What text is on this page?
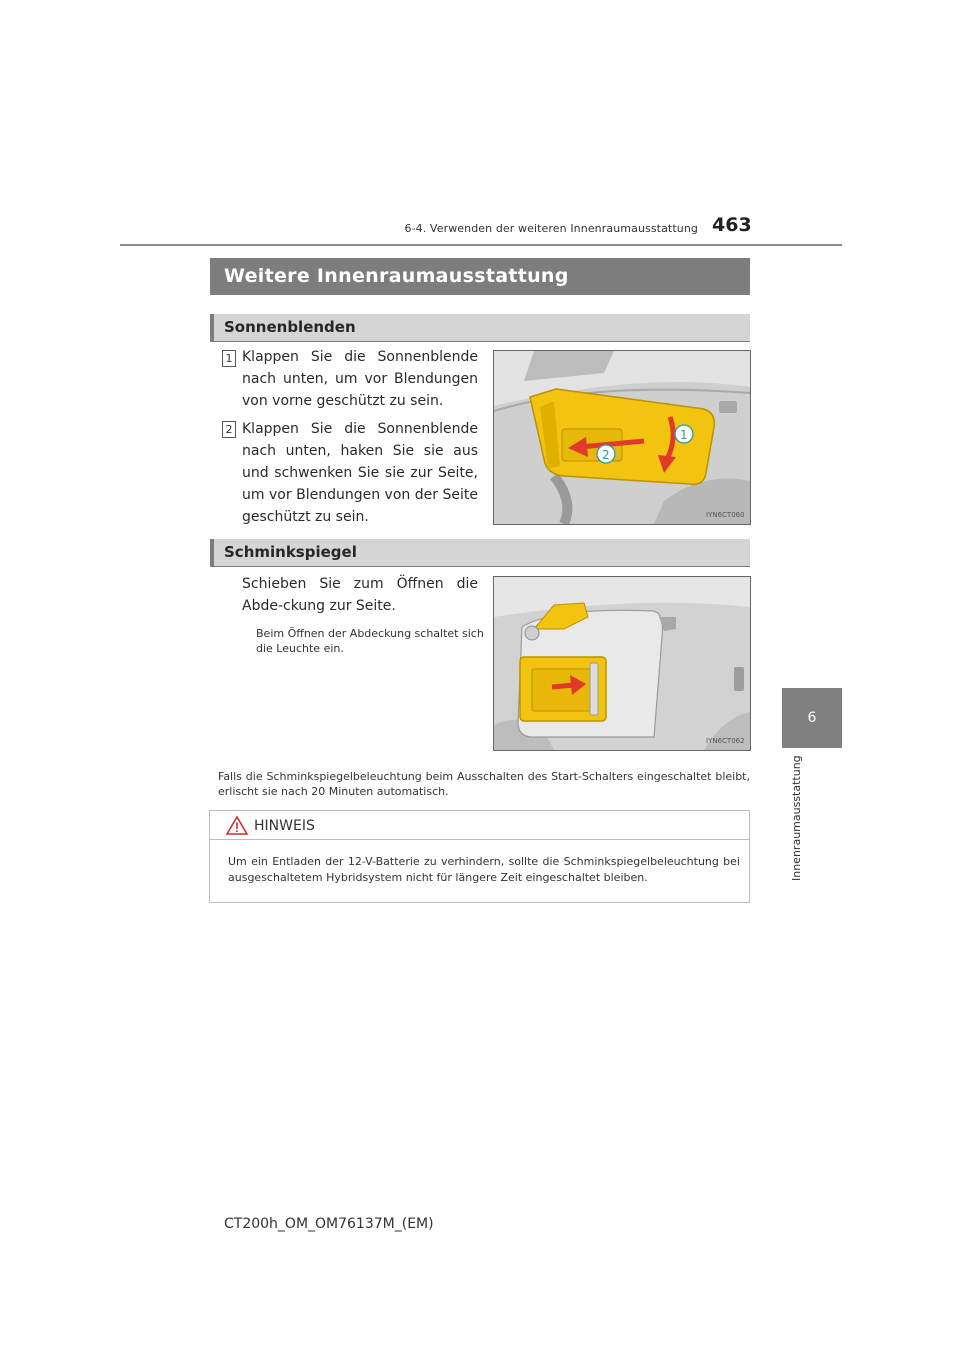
6-4. Verwenden der weiteren Innenraumausstattung 463
6
Innenraumausstattung
Weitere Innenraumausstattung
Sonnenblenden
1 Klappen Sie die Sonnenblende nach unten, um vor Blendungen von vorne geschützt zu sein.
2 Klappen Sie die Sonnenblende nach unten, haken Sie sie aus und schwenken Sie sie zur Seite, um vor Blendungen von der Seite geschützt zu sein.
1
2
IYN6CT060
Schminkspiegel
Schieben Sie zum Öffnen die Abde-ckung zur Seite.
Beim Öffnen der Abdeckung schaltet sich die Leuchte ein.
IYN6CT062
Falls die Schminkspiegelbeleuchtung beim Ausschalten des Start-Schalters eingeschaltet bleibt, erlischt sie nach 20 Minuten automatisch.
HINWEIS
Um ein Entladen der 12-V-Batterie zu verhindern, sollte die Schminkspiegelbeleuchtung bei ausgeschaltetem Hybridsystem nicht für längere Zeit eingeschaltet bleiben.
CT200h_OM_OM76137M_(EM)
